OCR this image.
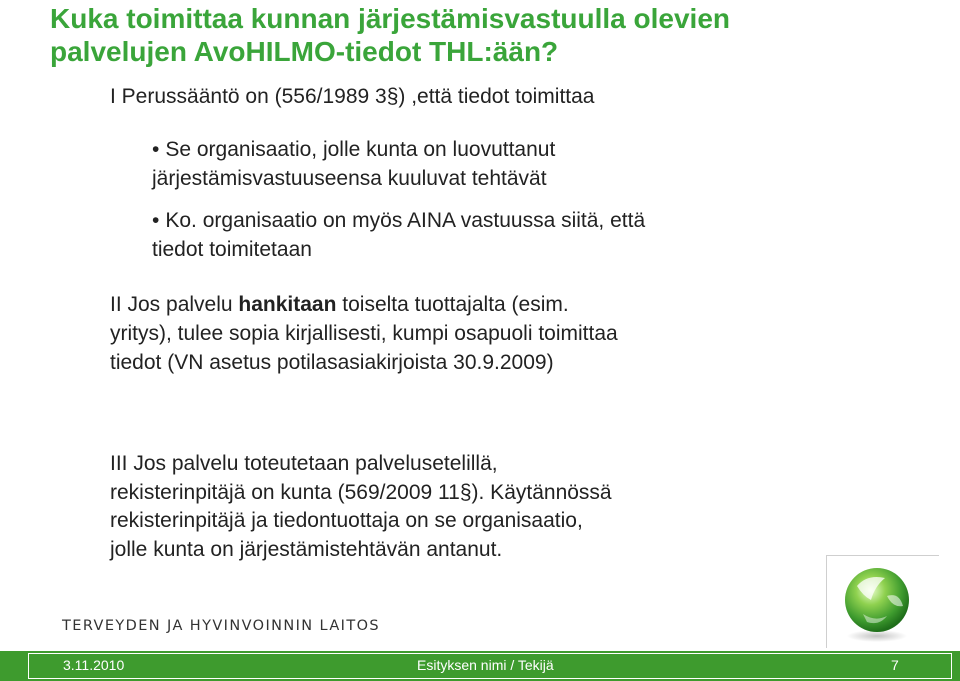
Kuka toimittaa kunnan järjestämisvastuulla olevien
palvelujen AvoHILMO-tiedot THL:ään?
I Perussääntö on (556/1989 3§) ,että tiedot toimittaa
• Se organisaatio, jolle kunta on luovuttanut
järjestämisvastuuseensa kuuluvat tehtävät
• Ko. organisaatio on myös AINA vastuussa siitä, että
tiedot toimitetaan
II Jos palvelu hankitaan toiselta tuottajalta (esim.
yritys), tulee sopia kirjallisesti, kumpi osapuoli toimittaa
tiedot (VN asetus potilasasiakirjoista 30.9.2009)
III Jos palvelu toteutetaan palvelusetelillä,
rekisterinpitäjä on kunta (569/2009 11§). Käytännössä
rekisterinpitäjä ja tiedontuottaja on se organisaatio,
jolle kunta on järjestämistehtävän antanut.
TERVEYDEN JA HYVINVOINNIN LAITOS
3.11.2010	Esityksen nimi / Tekijä	7
